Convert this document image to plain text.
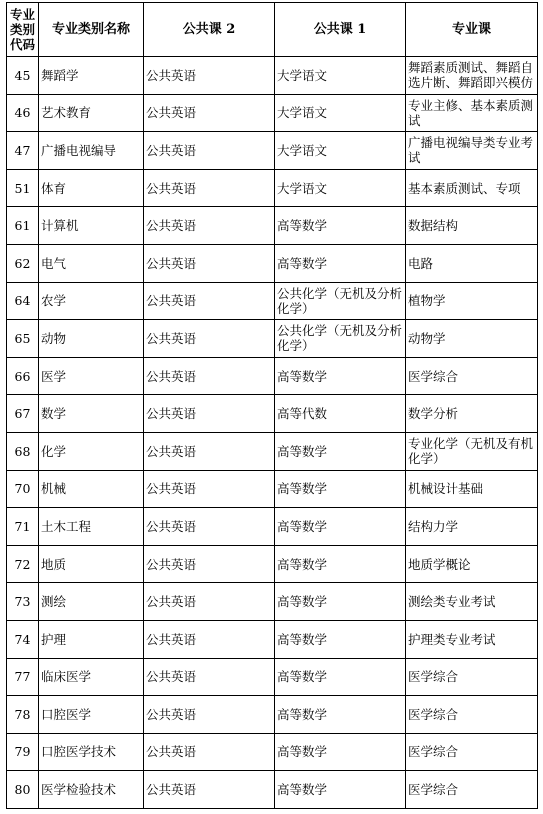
专业类别代码	专业类别名称	公共课 2	公共课 1	专业课
45	舞蹈学	公共英语	大学语文	舞蹈素质测试、舞蹈自选片断、舞蹈即兴模仿
46	艺术教育	公共英语	大学语文	专业主修、基本素质测试
47	广播电视编导	公共英语	大学语文	广播电视编导类专业考试
51	体育	公共英语	大学语文	基本素质测试、专项
61	计算机	公共英语	高等数学	数据结构
62	电气	公共英语	高等数学	电路
64	农学	公共英语	公共化学（无机及分析化学）	植物学
65	动物	公共英语	公共化学（无机及分析化学）	动物学
66	医学	公共英语	高等数学	医学综合
67	数学	公共英语	高等代数	数学分析
68	化学	公共英语	高等数学	专业化学（无机及有机化学）
70	机械	公共英语	高等数学	机械设计基础
71	土木工程	公共英语	高等数学	结构力学
72	地质	公共英语	高等数学	地质学概论
73	测绘	公共英语	高等数学	测绘类专业考试
74	护理	公共英语	高等数学	护理类专业考试
77	临床医学	公共英语	高等数学	医学综合
78	口腔医学	公共英语	高等数学	医学综合
79	口腔医学技术	公共英语	高等数学	医学综合
80	医学检验技术	公共英语	高等数学	医学综合
